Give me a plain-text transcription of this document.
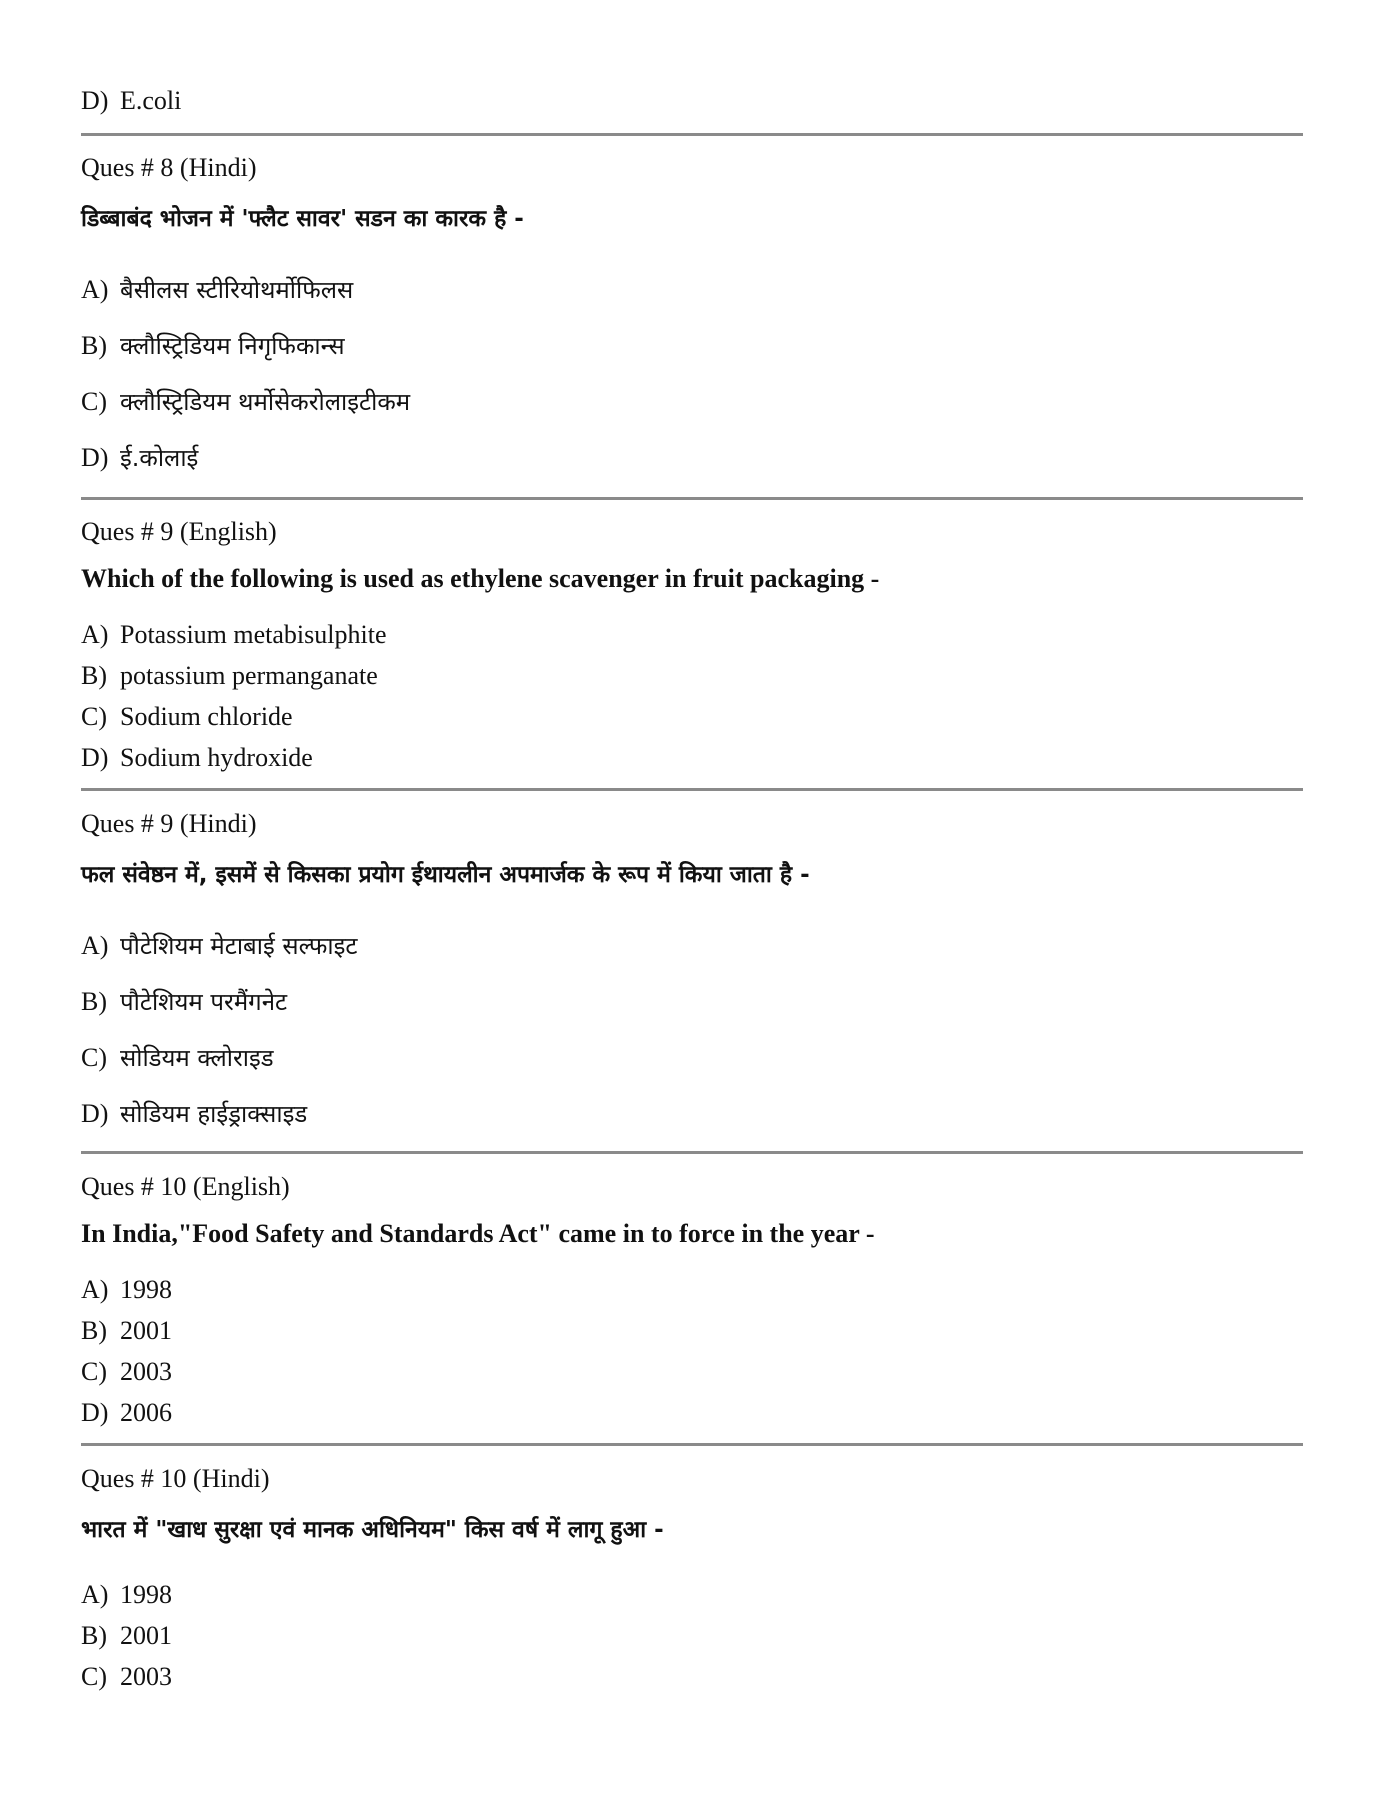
D) E.coli
Ques # 8 (Hindi)
डिब्बाबंद भोजन में 'फ्लैट सावर' सडन का कारक है -
A) बैसीलस स्टीरियोथर्मोफिलस
B) क्लौस्ट्रिडियम निगृफिकान्स
C) क्लौस्ट्रिडियम थर्मोसेकरोलाइटीकम
D) ई.कोलाई
Ques # 9 (English)
Which of the following is used as ethylene scavenger in fruit packaging -
A) Potassium metabisulphite
B) potassium permanganate
C) Sodium chloride
D) Sodium hydroxide
Ques # 9 (Hindi)
फल संवेष्ठन में, इसमें से किसका प्रयोग ईथायलीन अपमार्जक के रूप में किया जाता है -
A) पौटेशियम मेटाबाई सल्फाइट
B) पौटेशियम परमैंगनेट
C) सोडियम क्लोराइड
D) सोडियम हाईड्राक्साइड
Ques # 10 (English)
In India,"Food Safety and Standards Act" came in to force in the year -
A) 1998
B) 2001
C) 2003
D) 2006
Ques # 10 (Hindi)
भारत में "खाध सुरक्षा एवं मानक अधिनियम" किस वर्ष में लागू हुआ -
A) 1998
B) 2001
C) 2003
